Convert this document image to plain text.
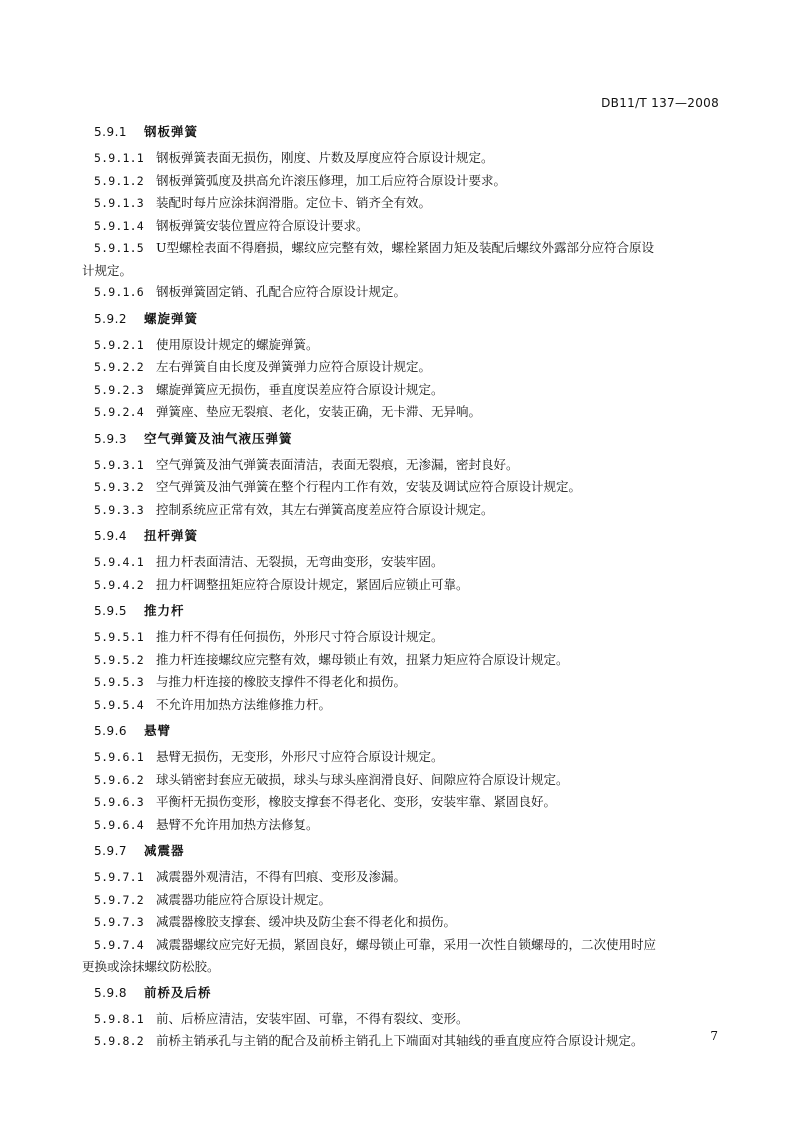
DB11/T 137—2008
5.9.1	钢板弹簧
5.9.1.1 钢板弹簧表面无损伤，刚度、片数及厚度应符合原设计规定。
5.9.1.2 钢板弹簧弧度及拱高允许滚压修理，加工后应符合原设计要求。
5.9.1.3 装配时每片应涂抹润滑脂。定位卡、销齐全有效。
5.9.1.4 钢板弹簧安装位置应符合原设计要求。
5.9.1.5 U型螺栓表面不得磨损，螺纹应完整有效，螺栓紧固力矩及装配后螺纹外露部分应符合原设
计规定。
5.9.1.6 钢板弹簧固定销、孔配合应符合原设计规定。
5.9.2	螺旋弹簧
5.9.2.1 使用原设计规定的螺旋弹簧。
5.9.2.2 左右弹簧自由长度及弹簧弹力应符合原设计规定。
5.9.2.3 螺旋弹簧应无损伤，垂直度误差应符合原设计规定。
5.9.2.4 弹簧座、垫应无裂痕、老化，安装正确，无卡滞、无异响。
5.9.3	空气弹簧及油气液压弹簧
5.9.3.1 空气弹簧及油气弹簧表面清洁，表面无裂痕，无渗漏，密封良好。
5.9.3.2 空气弹簧及油气弹簧在整个行程内工作有效，安装及调试应符合原设计规定。
5.9.3.3 控制系统应正常有效，其左右弹簧高度差应符合原设计规定。
5.9.4	扭杆弹簧
5.9.4.1 扭力杆表面清洁、无裂损，无弯曲变形，安装牢固。
5.9.4.2 扭力杆调整扭矩应符合原设计规定，紧固后应锁止可靠。
5.9.5	推力杆
5.9.5.1 推力杆不得有任何损伤，外形尺寸符合原设计规定。
5.9.5.2 推力杆连接螺纹应完整有效，螺母锁止有效，扭紧力矩应符合原设计规定。
5.9.5.3 与推力杆连接的橡胶支撑件不得老化和损伤。
5.9.5.4 不允许用加热方法维修推力杆。
5.9.6	悬臂
5.9.6.1 悬臂无损伤，无变形，外形尺寸应符合原设计规定。
5.9.6.2 球头销密封套应无破损，球头与球头座润滑良好、间隙应符合原设计规定。
5.9.6.3 平衡杆无损伤变形，橡胶支撑套不得老化、变形，安装牢靠、紧固良好。
5.9.6.4 悬臂不允许用加热方法修复。
5.9.7	减震器
5.9.7.1 减震器外观清洁，不得有凹痕、变形及渗漏。
5.9.7.2 减震器功能应符合原设计规定。
5.9.7.3 减震器橡胶支撑套、缓冲块及防尘套不得老化和损伤。
5.9.7.4 减震器螺纹应完好无损，紧固良好，螺母锁止可靠，采用一次性自锁螺母的，二次使用时应
更换或涂抹螺纹防松胶。
5.9.8	前桥及后桥
5.9.8.1 前、后桥应清洁，安装牢固、可靠，不得有裂纹、变形。
5.9.8.2 前桥主销承孔与主销的配合及前桥主销孔上下端面对其轴线的垂直度应符合原设计规定。	7
